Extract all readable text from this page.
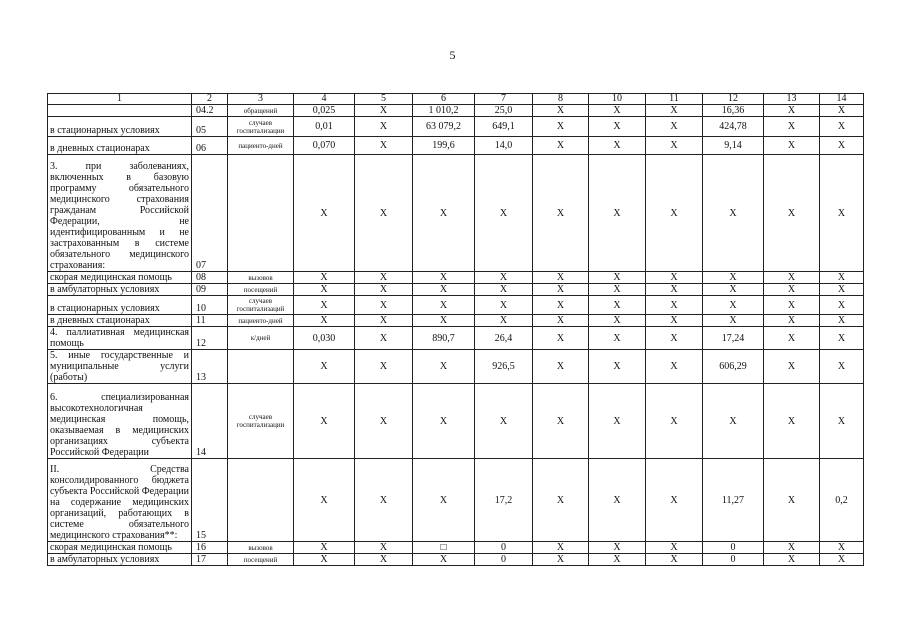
5
1	2	3	4	5	6	7	8	10	11	12	13	14
	04.2	обращений	0,025	X	1 010,2	25,0	X	X	X	16,36	X	X
в стационарных условиях	05	случаев госпитализации	0,01	X	63 079,2	649,1	X	X	X	424,78	X	X
в дневных стационарах	06	пациенто-дней	0,070	X	199,6	14,0	X	X	X	9,14	X	X
3. при заболеваниях, включенных в базовую программу обязательного медицинского страхования гражданам Российской Федерации, не идентифицированным и не застрахованным в системе обязательного медицинского страхования:	07		X	X	X	X	X	X	X	X	X	X
скорая медицинская помощь	08	вызовов	X	X	X	X	X	X	X	X	X	X
в амбулаторных условиях	09	посещений	X	X	X	X	X	X	X	X	X	X
в стационарных условиях	10	случаев госпитализаций	X	X	X	X	X	X	X	X	X	X
в дневных стационарах	11	пациенто-дней	X	X	X	X	X	X	X	X	X	X
4. паллиативная медицинская помощь	12	к/дней	0,030	X	890,7	26,4	X	X	X	17,24	X	X
5. иные государственные и муниципальные услуги (работы)	13		X	X	X	926,5	X	X	X	606,29	X	X
6. специализированная высокотехнологичная медицинская помощь, оказываемая в медицинских организациях субъекта Российской Федерации	14	случаев госпитализации	X	X	X	X	X	X	X	X	X	X
II. Средства консолидированного бюджета субъекта Российской Федерации на содержание медицинских организаций, работающих в системе обязательного медицинского страхования**:	15		X	X	X	17,2	X	X	X	11,27	X	0,2
скорая медицинская помощь	16	вызовов	X	X	□	0	X	X	X	0	X	X
в амбулаторных условиях	17	посещений	X	X	X	0	X	X	X	0	X	X
